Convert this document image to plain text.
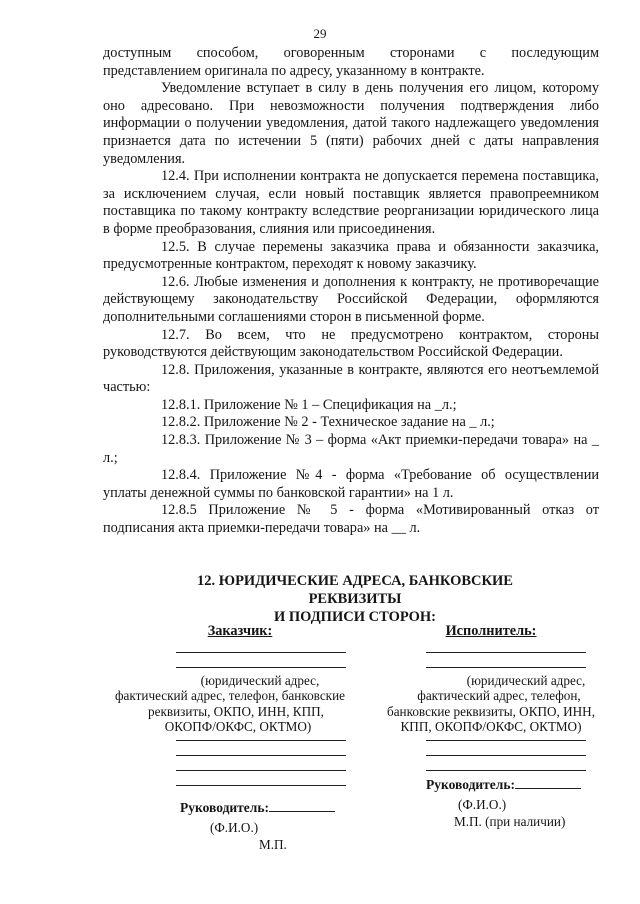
29

доступным способом, оговоренным сторонами с последующим

представлением оригинала по адресу, указанному в контракте.

Уведомление вступает в силу в день получения его лицом, которому оно адресовано. При невозможности получения подтверждения либо информации о получении уведомления, датой такого надлежащего уведомления признается дата по истечении 5 (пяти) рабочих дней с даты направления уведомления.

12.4. При исполнении контракта не допускается перемена поставщика, за исключением случая, если новый поставщик является правопреемником поставщика по такому контракту вследствие реорганизации юридического лица в форме преобразования, слияния или присоединения.

12.5. В случае перемены заказчика права и обязанности заказчика, предусмотренные контрактом, переходят к новому заказчику.

12.6. Любые изменения и дополнения к контракту, не противоречащие действующему законодательству Российской Федерации, оформляются дополнительными соглашениями сторон в письменной форме.

12.7. Во всем, что не предусмотрено контрактом, стороны руководствуются действующим законодательством Российской Федерации.

12.8. Приложения, указанные в контракте, являются его неотъемлемой частью:

12.8.1. Приложение № 1 – Спецификация на _л.;

12.8.2. Приложение № 2 - Техническое задание на _ л.;

12.8.3. Приложение № 3 – форма «Акт приемки-передачи товара» на _ л.;

12.8.4. Приложение №4 - форма «Требование об осуществлении уплаты денежной суммы по банковской гарантии» на 1 л.

12.8.5 Приложение № 5 - форма «Мотивированный отказ от подписания акта приемки-передачи товара» на __ л.

12. ЮРИДИЧЕСКИЕ АДРЕСА, БАНКОВСКИЕ РЕКВИЗИТЫ
И ПОДПИСИ СТОРОН:
Заказчик:
(юридический адрес,
фактический адрес, телефон, банковские
реквизиты, ОКПО, ИНН, КПП,
ОКОПФ/ОКФС, ОКТМО)
Руководитель:
(Ф.И.О.)
М.П.
Исполнитель:
(юридический адрес,
фактический адрес, телефон,
банковские реквизиты, ОКПО, ИНН,
КПП, ОКОПФ/ОКФС, ОКТМО)
Руководитель:
(Ф.И.О.)
М.П. (при наличии)
